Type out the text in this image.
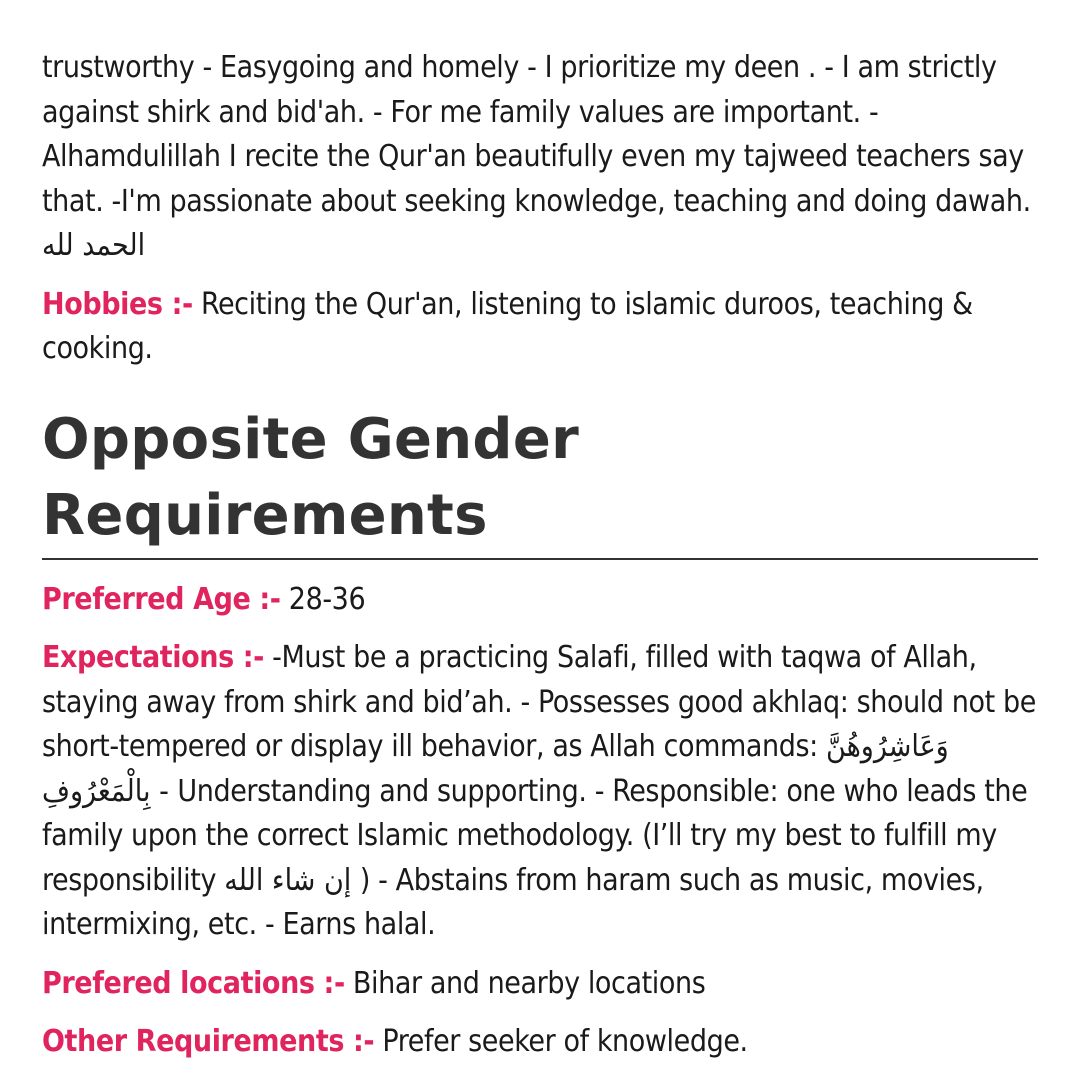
trustworthy - Easygoing and homely - I prioritize my deen . - I am strictly against shirk and bid'ah. - For me family values are important. -Alhamdulillah I recite the Qur'an beautifully even my tajweed teachers say that. -I'm passionate about seeking knowledge, teaching and doing dawah. الحمد لله

Hobbies :- Reciting the Qur'an, listening to islamic duroos, teaching & cooking.

Opposite Gender Requirements

Preferred Age :- 28-36

Expectations :- -Must be a practicing Salafi, filled with taqwa of Allah, staying away from shirk and bid’ah. - Possesses good akhlaq: should not be short-tempered or display ill behavior, as Allah commands: وَعَاشِرُوهُنَّ بِالْمَعْرُوفِ - Understanding and supporting. - Responsible: one who leads the family upon the correct Islamic methodology. (I’ll try my best to fulfill my responsibility إن شاء الله ) - Abstains from haram such as music, movies, intermixing, etc. - Earns halal.

Prefered locations :- Bihar and nearby locations

Other Requirements :- Prefer seeker of knowledge.
